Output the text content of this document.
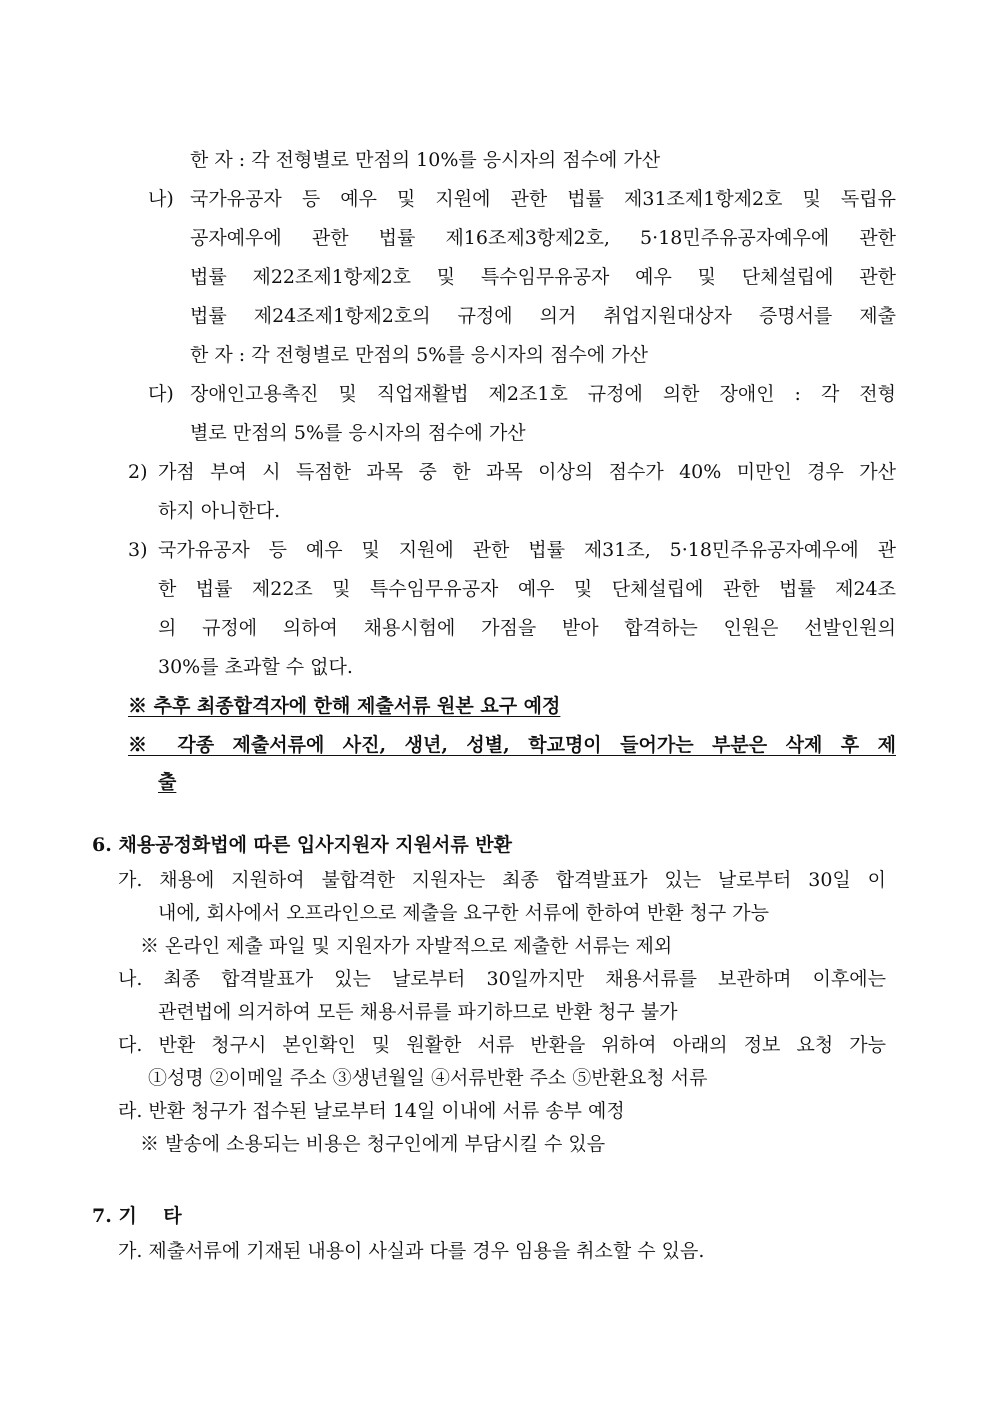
한 자 : 각 전형별로 만점의 10%를 응시자의 점수에 가산
나) 국가유공자 등 예우 및 지원에 관한 법률 제31조제1항제2호 및 독립유
공자예우에 관한 법률 제16조제3항제2호, 5·18민주유공자예우에 관한
법률 제22조제1항제2호 및 특수임무유공자 예우 및 단체설립에 관한
법률 제24조제1항제2호의 규정에 의거 취업지원대상자 증명서를 제출
한 자 : 각 전형별로 만점의 5%를 응시자의 점수에 가산
다) 장애인고용촉진 및 직업재활법 제2조1호 규정에 의한 장애인 : 각 전형
별로 만점의 5%를 응시자의 점수에 가산
2) 가점 부여 시 득점한 과목 중 한 과목 이상의 점수가 40% 미만인 경우 가산
하지 아니한다.
3) 국가유공자 등 예우 및 지원에 관한 법률 제31조, 5·18민주유공자예우에 관
한 법률 제22조 및 특수임무유공자 예우 및 단체설립에 관한 법률 제24조
의 규정에 의하여 채용시험에 가점을 받아 합격하는 인원은 선발인원의
30%를 초과할 수 없다.
※ 추후 최종합격자에 한해 제출서류 원본 요구 예정
※ 각종 제출서류에 사진, 생년, 성별, 학교명이 들어가는 부분은 삭제 후 제
출
6. 채용공정화법에 따른 입사지원자 지원서류 반환
가. 채용에 지원하여 불합격한 지원자는 최종 합격발표가 있는 날로부터 30일 이
내에, 회사에서 오프라인으로 제출을 요구한 서류에 한하여 반환 청구 가능
※ 온라인 제출 파일 및 지원자가 자발적으로 제출한 서류는 제외
나. 최종 합격발표가 있는 날로부터 30일까지만 채용서류를 보관하며 이후에는
관련법에 의거하여 모든 채용서류를 파기하므로 반환 청구 불가
다. 반환 청구시 본인확인 및 원활한 서류 반환을 위하여 아래의 정보 요청 가능
①성명 ②이메일 주소 ③생년월일 ④서류반환 주소 ⑤반환요청 서류
라. 반환 청구가 접수된 날로부터 14일 이내에 서류 송부 예정
※ 발송에 소용되는 비용은 청구인에게 부담시킬 수 있음
7. 기    타
가. 제출서류에 기재된 내용이 사실과 다를 경우 임용을 취소할 수 있음.
